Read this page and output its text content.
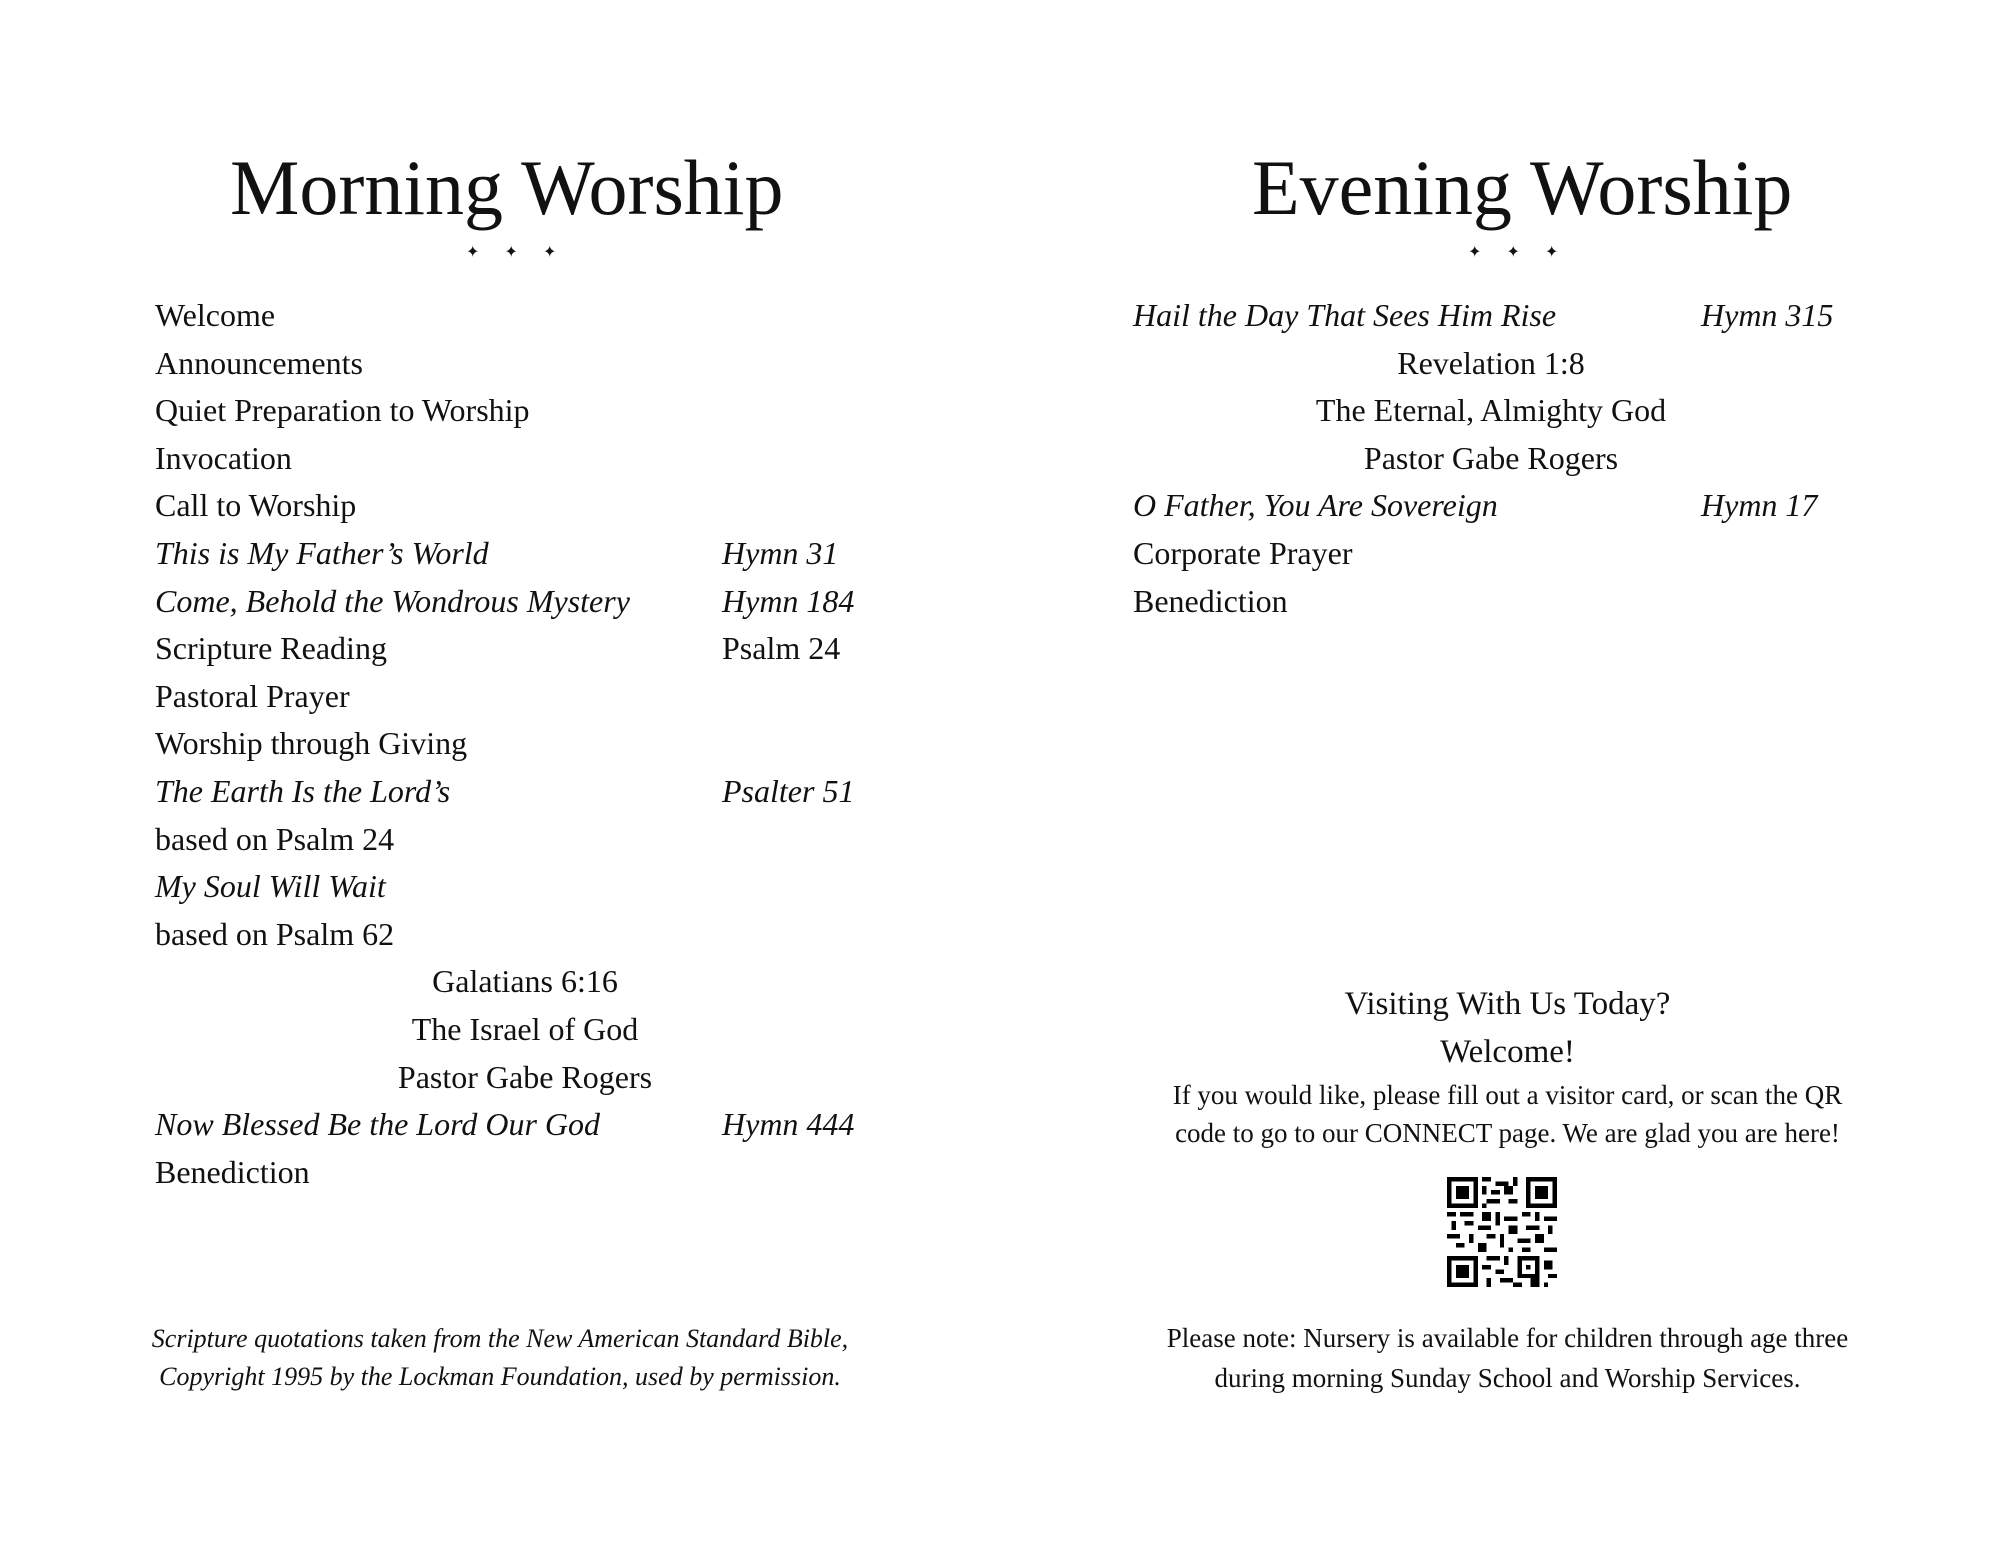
Morning Worship
✦ ✦ ✦
Welcome
Announcements
Quiet Preparation to Worship
Invocation
Call to Worship
This is My Father’s World	Hymn 31
Come, Behold the Wondrous Mystery	Hymn 184
Scripture Reading	Psalm 24
Pastoral Prayer
Worship through Giving
The Earth Is the Lord’s	Psalter 51
based on Psalm 24
My Soul Will Wait
based on Psalm 62
Galatians 6:16
The Israel of God
Pastor Gabe Rogers
Now Blessed Be the Lord Our God	Hymn 444
Benediction

Scripture quotations taken from the New American Standard Bible,
Copyright 1995 by the Lockman Foundation, used by permission.

Evening Worship
✦ ✦ ✦
Hail the Day That Sees Him Rise	Hymn 315
Revelation 1:8
The Eternal, Almighty God
Pastor Gabe Rogers
O Father, You Are Sovereign	Hymn 17
Corporate Prayer
Benediction

Visiting With Us Today?

Welcome!

If you would like, please fill out a visitor card, or scan the QR
code to go to our CONNECT page. We are glad you are here!

Please note: Nursery is available for children through age three
during morning Sunday School and Worship Services.
